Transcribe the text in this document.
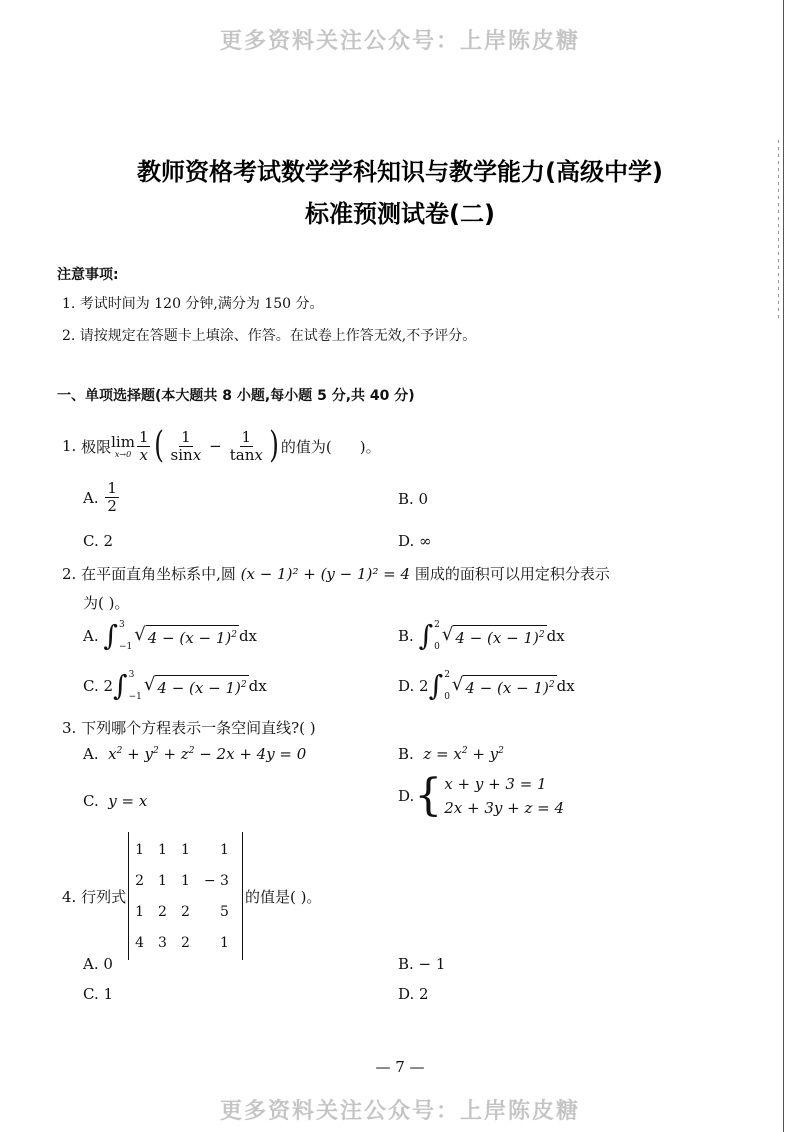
更多资料关注公众号：上岸陈皮糖
教师资格考试数学学科知识与教学能力(高级中学)
标准预测试卷(二)
注意事项:
1. 考试时间为 120 分钟,满分为 150 分。
2. 请按规定在答题卡上填涂、作答。在试卷上作答无效,不予评分。
一、单项选择题(本大题共 8 小题,每小题 5 分,共 40 分)
1.
极限 lim
$x\to 0 \frac{1}{x}$ ( $\frac{1}{\sin x} - \frac{1}{\tan x}$ ) 的值为( )。
A.
$\frac{1}{2}$	B. 0
C. 2	D. ∞
2. 在平面直角坐标系中,圆 (x − 1)² + (y − 1)² = 4 围成的面积可以用定积分表示
为( )。
A.
∫ 3
−1
√ $4 - (x - 1)^2$ dx	B.
∫ 2
0
√ $4 - (x - 1)^2$ dx
C.
2 ∫ 3
−1
√ $4 - (x - 1)^2$ dx	D.
2 ∫ 2
0
√ $4 - (x - 1)^2$ dx
3. 下列哪个方程表示一条空间直线?( )
A. $x^2 + y^2 + z^2 - 2x + 4y = 0$	B. $z = x^2 + y^2$
C. y = x	D. { x + y + 3 = 1
2x + 3y + z = 4
4. 行列式
1	1	1	1
2	1	1	− 3
1	2	2	5
4	3	2	1
的值是( )。
A. 0	B. − 1
C. 1	D. 2
— 7 —
更多资料关注公众号：上岸陈皮糖
